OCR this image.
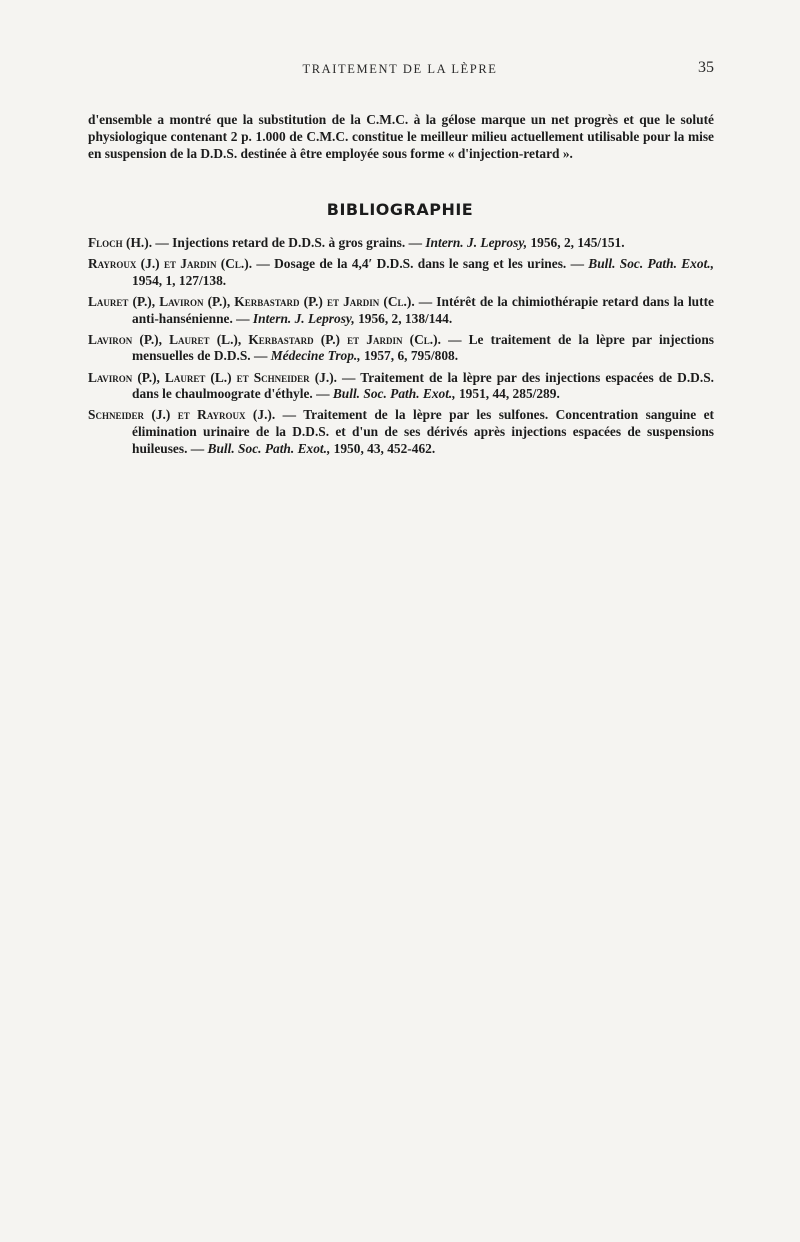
TRAITEMENT DE LA LÈPRE	35

d'ensemble a montré que la substitution de la C.M.C. à la gélose marque un net progrès et que le soluté physiologique contenant 2 p. 1.000 de C.M.C. constitue le meilleur milieu actuellement utilisable pour la mise en suspension de la D.D.S. destinée à être employée sous forme « d'injection-retard ».

BIBLIOGRAPHIE
Floch (H.). — Injections retard de D.D.S. à gros grains. — Intern. J. Leprosy, 1956, 2, 145/151.
Rayroux (J.) et Jardin (Cl.). — Dosage de la 4,4′ D.D.S. dans le sang et les urines. — Bull. Soc. Path. Exot., 1954, 1, 127/138.
Lauret (P.), Laviron (P.), Kerbastard (P.) et Jardin (Cl.). — Intérêt de la chimiothérapie retard dans la lutte anti-hansénienne. — Intern. J. Leprosy, 1956, 2, 138/144.
Laviron (P.), Lauret (L.), Kerbastard (P.) et Jardin (Cl.). — Le traitement de la lèpre par injections mensuelles de D.D.S. — Médecine Trop., 1957, 6, 795/808.
Laviron (P.), Lauret (L.) et Schneider (J.). — Traitement de la lèpre par des injections espacées de D.D.S. dans le chaulmoograte d'éthyle. — Bull. Soc. Path. Exot., 1951, 44, 285/289.
Schneider (J.) et Rayroux (J.). — Traitement de la lèpre par les sulfones. Concentration sanguine et élimination urinaire de la D.D.S. et d'un de ses dérivés après injections espacées de suspensions huileuses. — Bull. Soc. Path. Exot., 1950, 43, 452-462.
